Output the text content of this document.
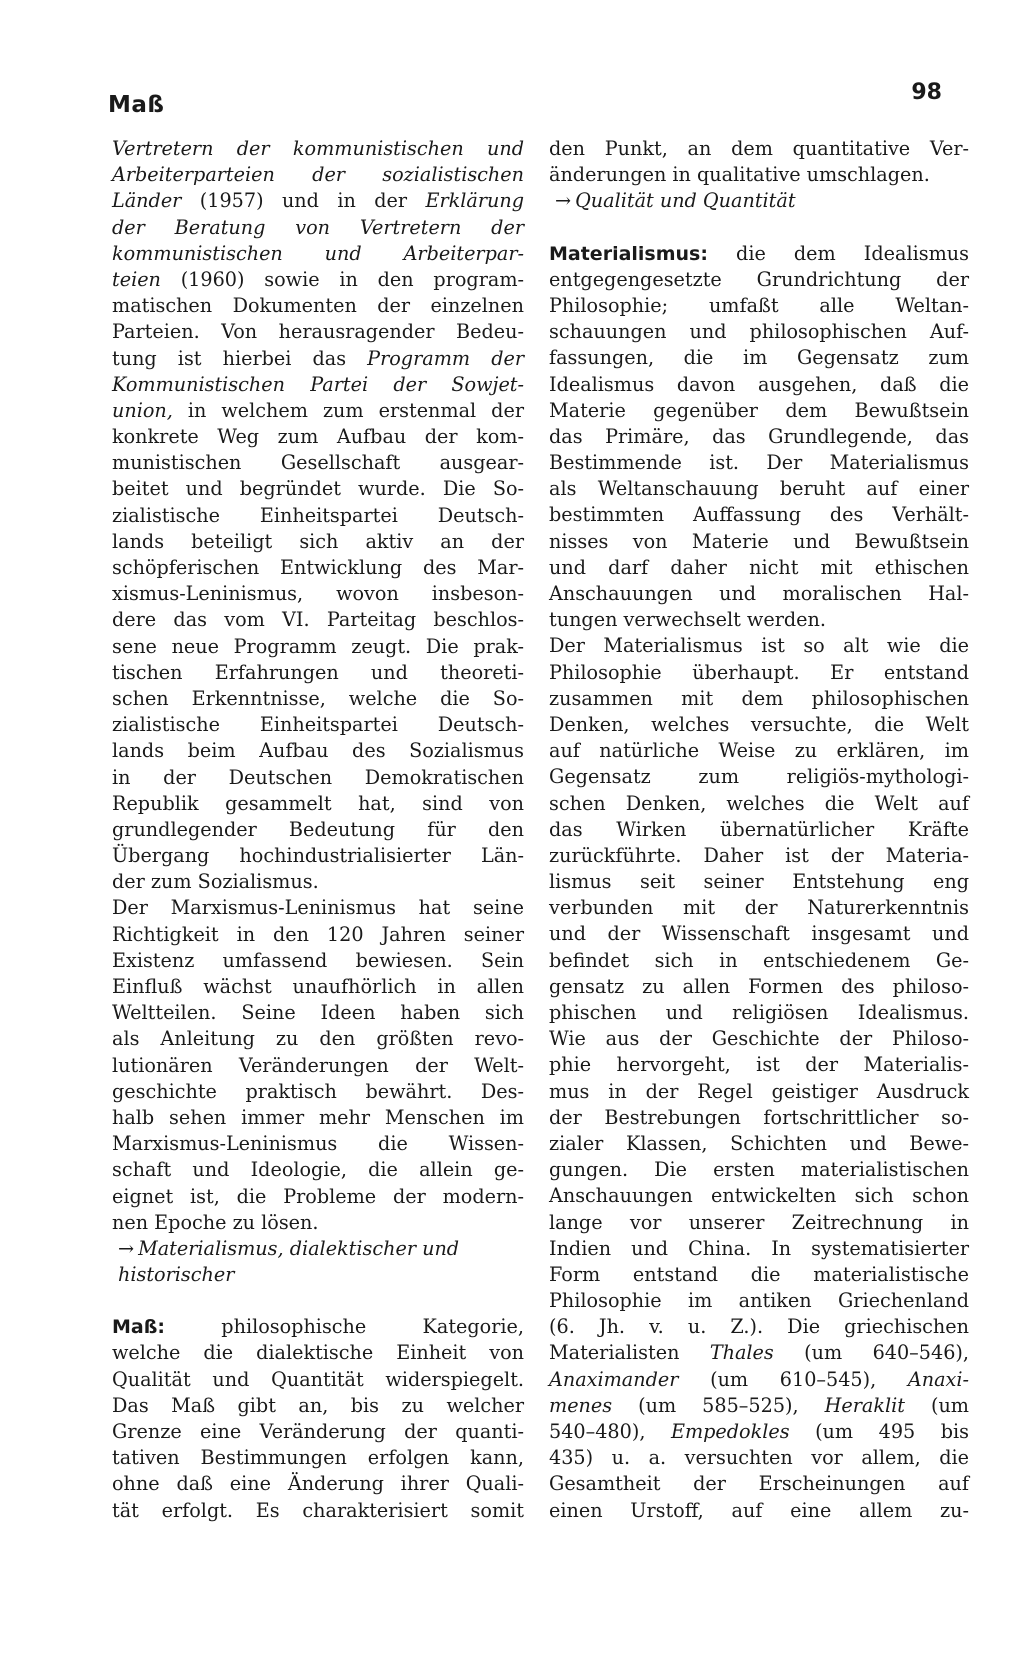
Maß	98
Vertretern der kommunistischen und
Arbeiterparteien der sozialistischen
Länder (1957) und in der Erklärung
der Beratung von Vertretern der
kommunistischen und Arbeiterpar-
teien (1960) sowie in den program-
matischen Dokumenten der einzelnen
Parteien. Von herausragender Bedeu-
tung ist hierbei das Programm der
Kommunistischen Partei der Sowjet-
union, in welchem zum erstenmal der
konkrete Weg zum Aufbau der kom-
munistischen Gesellschaft ausgear-
beitet und begründet wurde. Die So-
zialistische Einheitspartei Deutsch-
lands beteiligt sich aktiv an der
schöpferischen Entwicklung des Mar-
xismus-Leninismus, wovon insbeson-
dere das vom VI. Parteitag beschlos-
sene neue Programm zeugt. Die prak-
tischen Erfahrungen und theoreti-
schen Erkenntnisse, welche die So-
zialistische Einheitspartei Deutsch-
lands beim Aufbau des Sozialismus
in der Deutschen Demokratischen
Republik gesammelt hat, sind von
grundlegender Bedeutung für den
Übergang hochindustrialisierter Län-
der zum Sozialismus.
Der Marxismus-Leninismus hat seine
Richtigkeit in den 120 Jahren seiner
Existenz umfassend bewiesen. Sein
Einfluß wächst unaufhörlich in allen
Weltteilen. Seine Ideen haben sich
als Anleitung zu den größten revo-
lutionären Veränderungen der Welt-
geschichte praktisch bewährt. Des-
halb sehen immer mehr Menschen im
Marxismus-Leninismus die Wissen-
schaft und Ideologie, die allein ge-
eignet ist, die Probleme der modern-
nen Epoche zu lösen.
→ Materialismus, dialektischer und
historischer
Maß: philosophische Kategorie,
welche die dialektische Einheit von
Qualität und Quantität widerspiegelt.
Das Maß gibt an, bis zu welcher
Grenze eine Veränderung der quanti-
tativen Bestimmungen erfolgen kann,
ohne daß eine Änderung ihrer Quali-
tät erfolgt. Es charakterisiert somit
den Punkt, an dem quantitative Ver-
änderungen in qualitative umschlagen.
→ Qualität und Quantität
Materialismus: die dem Idealismus
entgegengesetzte Grundrichtung der
Philosophie; umfaßt alle Weltan-
schauungen und philosophischen Auf-
fassungen, die im Gegensatz zum
Idealismus davon ausgehen, daß die
Materie gegenüber dem Bewußtsein
das Primäre, das Grundlegende, das
Bestimmende ist. Der Materialismus
als Weltanschauung beruht auf einer
bestimmten Auffassung des Verhält-
nisses von Materie und Bewußtsein
und darf daher nicht mit ethischen
Anschauungen und moralischen Hal-
tungen verwechselt werden.
Der Materialismus ist so alt wie die
Philosophie überhaupt. Er entstand
zusammen mit dem philosophischen
Denken, welches versuchte, die Welt
auf natürliche Weise zu erklären, im
Gegensatz zum religiös-mythologi-
schen Denken, welches die Welt auf
das Wirken übernatürlicher Kräfte
zurückführte. Daher ist der Materia-
lismus seit seiner Entstehung eng
verbunden mit der Naturerkenntnis
und der Wissenschaft insgesamt und
befindet sich in entschiedenem Ge-
gensatz zu allen Formen des philoso-
phischen und religiösen Idealismus.
Wie aus der Geschichte der Philoso-
phie hervorgeht, ist der Materialis-
mus in der Regel geistiger Ausdruck
der Bestrebungen fortschrittlicher so-
zialer Klassen, Schichten und Bewe-
gungen. Die ersten materialistischen
Anschauungen entwickelten sich schon
lange vor unserer Zeitrechnung in
Indien und China. In systematisierter
Form entstand die materialistische
Philosophie im antiken Griechenland
(6. Jh. v. u. Z.). Die griechischen
Materialisten Thales (um 640–546),
Anaximander (um 610–545), Anaxi-
menes (um 585–525), Heraklit (um
540–480), Empedokles (um 495 bis
435) u. a. versuchten vor allem, die
Gesamtheit der Erscheinungen auf
einen Urstoff, auf eine allem zu-
